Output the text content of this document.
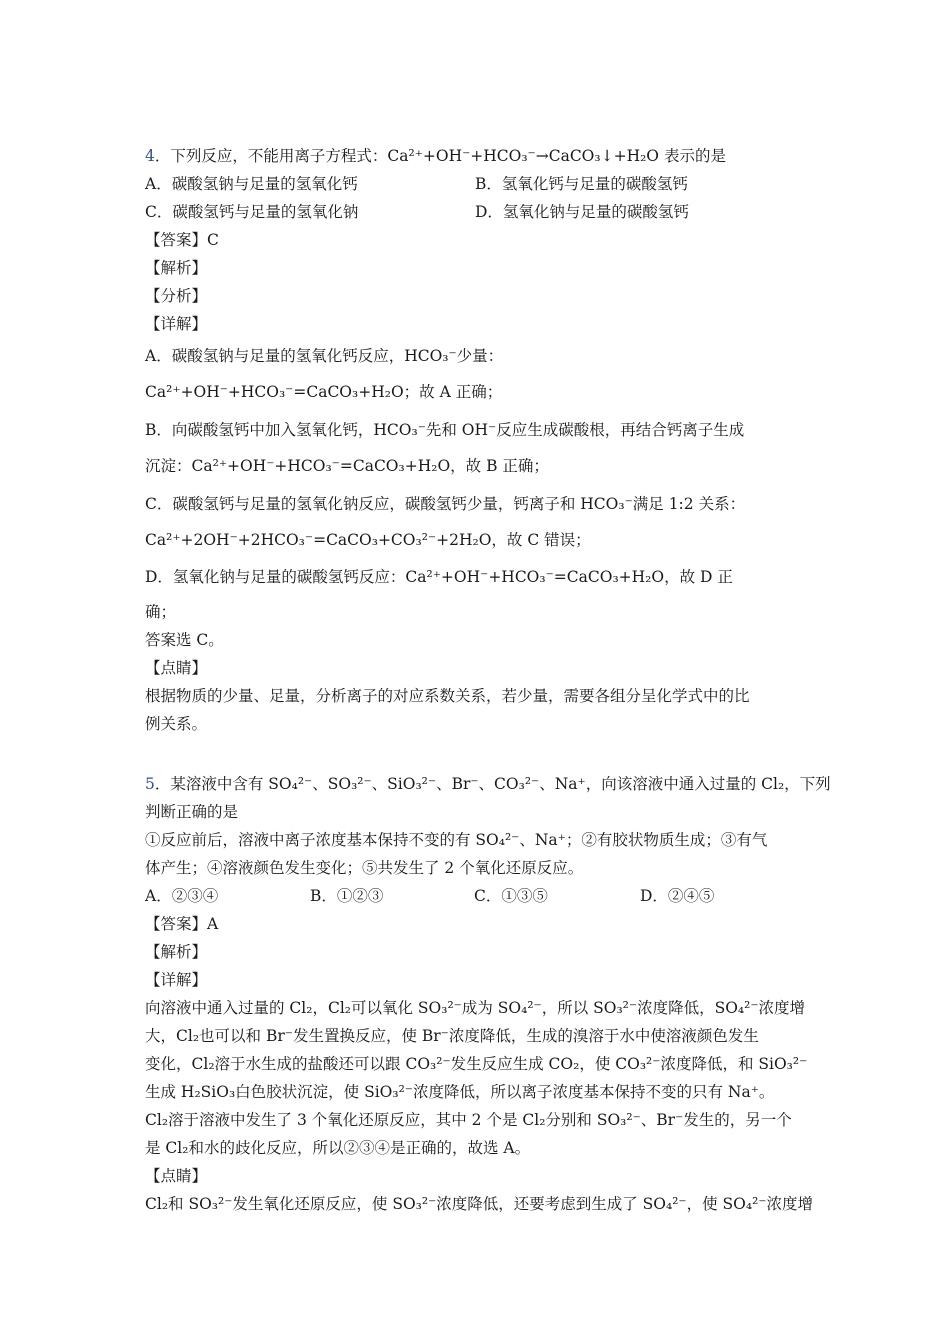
4．下列反应，不能用离子方程式：Ca²⁺+OH⁻+HCO₃⁻→CaCO₃↓+H₂O 表示的是
A．碳酸氢钠与足量的氢氧化钙	B．氢氧化钙与足量的碳酸氢钙
C．碳酸氢钙与足量的氢氧化钠	D．氢氧化钠与足量的碳酸氢钙
【答案】C
【解析】
【分析】
【详解】
A．碳酸氢钠与足量的氢氧化钙反应，HCO₃⁻少量：
Ca²⁺+OH⁻+HCO₃⁻=CaCO₃+H₂O；故 A 正确；
B．向碳酸氢钙中加入氢氧化钙，HCO₃⁻先和 OH⁻反应生成碳酸根，再结合钙离子生成
沉淀：Ca²⁺+OH⁻+HCO₃⁻=CaCO₃+H₂O，故 B 正确；
C．碳酸氢钙与足量的氢氧化钠反应，碳酸氢钙少量，钙离子和 HCO₃⁻满足 1:2 关系：
Ca²⁺+2OH⁻+2HCO₃⁻=CaCO₃+CO₃²⁻+2H₂O，故 C 错误；
D．氢氧化钠与足量的碳酸氢钙反应：Ca²⁺+OH⁻+HCO₃⁻=CaCO₃+H₂O，故 D 正
确；
答案选 C。
【点睛】
根据物质的少量、足量，分析离子的对应系数关系，若少量，需要各组分呈化学式中的比
例关系。
5．某溶液中含有 SO₄²⁻、SO₃²⁻、SiO₃²⁻、Br⁻、CO₃²⁻、Na⁺，向该溶液中通入过量的 Cl₂，下列
判断正确的是
①反应前后，溶液中离子浓度基本保持不变的有 SO₄²⁻、Na⁺；②有胶状物质生成；③有气
体产生；④溶液颜色发生变化；⑤共发生了 2 个氧化还原反应。
A．②③④	B．①②③	C．①③⑤	D．②④⑤
【答案】A
【解析】
【详解】
向溶液中通入过量的 Cl₂，Cl₂可以氧化 SO₃²⁻成为 SO₄²⁻，所以 SO₃²⁻浓度降低，SO₄²⁻浓度增
大，Cl₂也可以和 Br⁻发生置换反应，使 Br⁻浓度降低，生成的溴溶于水中使溶液颜色发生
变化，Cl₂溶于水生成的盐酸还可以跟 CO₃²⁻发生反应生成 CO₂，使 CO₃²⁻浓度降低，和 SiO₃²⁻
生成 H₂SiO₃白色胶状沉淀，使 SiO₃²⁻浓度降低，所以离子浓度基本保持不变的只有 Na⁺。
Cl₂溶于溶液中发生了 3 个氧化还原反应，其中 2 个是 Cl₂分别和 SO₃²⁻、Br⁻发生的，另一个
是 Cl₂和水的歧化反应，所以②③④是正确的，故选 A。
【点睛】
Cl₂和 SO₃²⁻发生氧化还原反应，使 SO₃²⁻浓度降低，还要考虑到生成了 SO₄²⁻，使 SO₄²⁻浓度增
